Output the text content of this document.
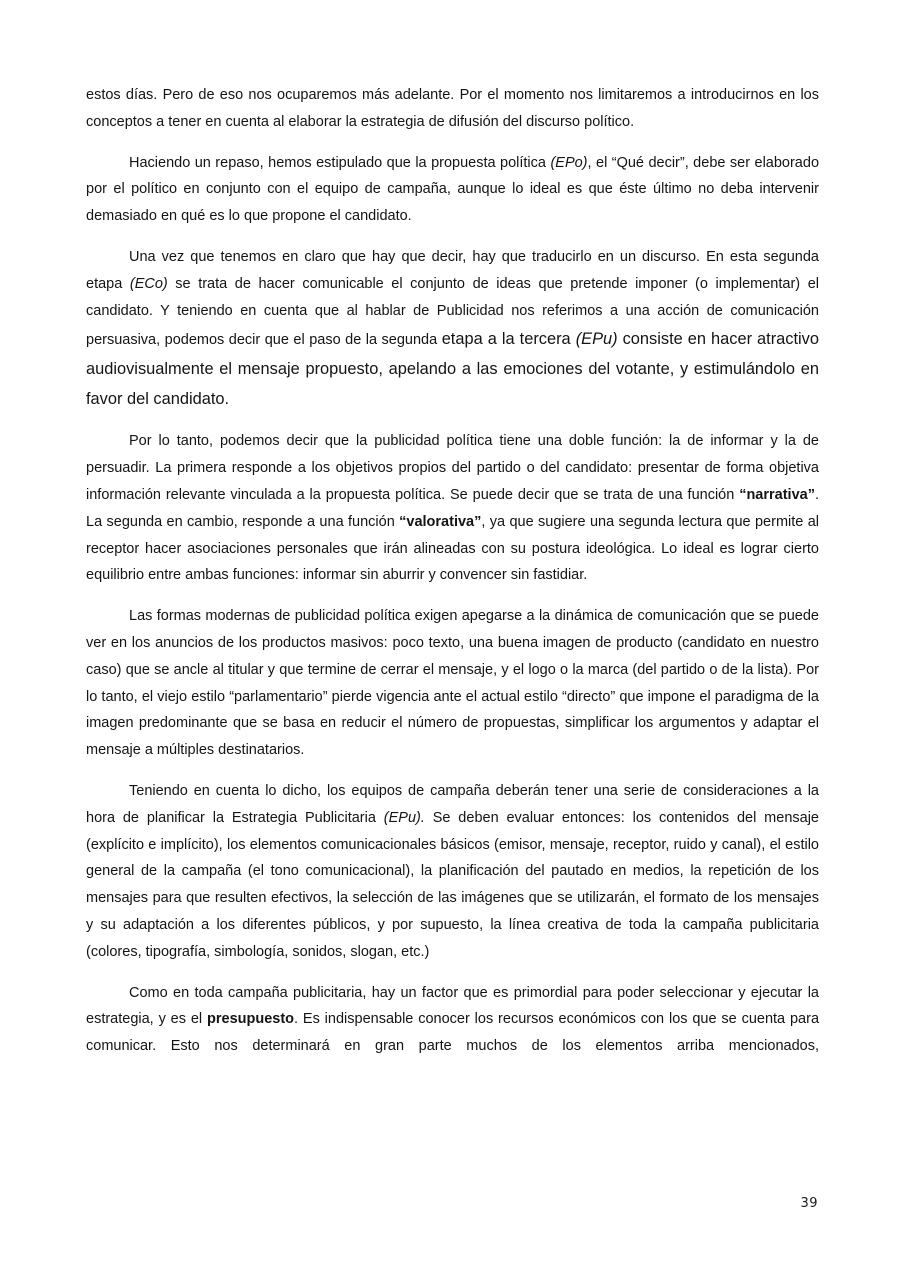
estos días. Pero de eso nos ocuparemos más adelante. Por el momento nos limitaremos a introducirnos en los conceptos a tener en cuenta al elaborar la estrategia de difusión del discurso político.

Haciendo un repaso, hemos estipulado que la propuesta política (EPo), el “Qué decir”, debe ser elaborado por el político en conjunto con el equipo de campaña, aunque lo ideal es que éste último no deba intervenir demasiado en qué es lo que propone el candidato.

Una vez que tenemos en claro que hay que decir, hay que traducirlo en un discurso. En esta segunda etapa (ECo) se trata de hacer comunicable el conjunto de ideas que pretende imponer (o implementar) el candidato. Y teniendo en cuenta que al hablar de Publicidad nos referimos a una acción de comunicación persuasiva, podemos decir que el paso de la segunda etapa a la tercera (EPu) consiste en hacer atractivo audiovisualmente el mensaje propuesto, apelando a las emociones del votante, y estimulándolo en favor del candidato.

Por lo tanto, podemos decir que la publicidad política tiene una doble función: la de informar y la de persuadir. La primera responde a los objetivos propios del partido o del candidato: presentar de forma objetiva información relevante vinculada a la propuesta política. Se puede decir que se trata de una función “narrativa”. La segunda en cambio, responde a una función “valorativa”, ya que sugiere una segunda lectura que permite al receptor hacer asociaciones personales que irán alineadas con su postura ideológica. Lo ideal es lograr cierto equilibrio entre ambas funciones: informar sin aburrir y convencer sin fastidiar.

Las formas modernas de publicidad política exigen apegarse a la dinámica de comunicación que se puede ver en los anuncios de los productos masivos: poco texto, una buena imagen de producto (candidato en nuestro caso) que se ancle al titular y que termine de cerrar el mensaje, y el logo o la marca (del partido o de la lista). Por lo tanto, el viejo estilo “parlamentario” pierde vigencia ante el actual estilo “directo” que impone el paradigma de la imagen predominante que se basa en reducir el número de propuestas, simplificar los argumentos y adaptar el mensaje a múltiples destinatarios.

Teniendo en cuenta lo dicho, los equipos de campaña deberán tener una serie de consideraciones a la hora de planificar la Estrategia Publicitaria (EPu). Se deben evaluar entonces: los contenidos del mensaje (explícito e implícito), los elementos comunicacionales básicos (emisor, mensaje, receptor, ruido y canal), el estilo general de la campaña (el tono comunicacional), la planificación del pautado en medios, la repetición de los mensajes para que resulten efectivos, la selección de las imágenes que se utilizarán, el formato de los mensajes y su adaptación a los diferentes públicos, y por supuesto, la línea creativa de toda la campaña publicitaria (colores, tipografía, simbología, sonidos, slogan, etc.)

Como en toda campaña publicitaria, hay un factor que es primordial para poder seleccionar y ejecutar la estrategia, y es el presupuesto. Es indispensable conocer los recursos económicos con los que se cuenta para comunicar. Esto nos determinará en gran parte muchos de los elementos arriba mencionados,

39
